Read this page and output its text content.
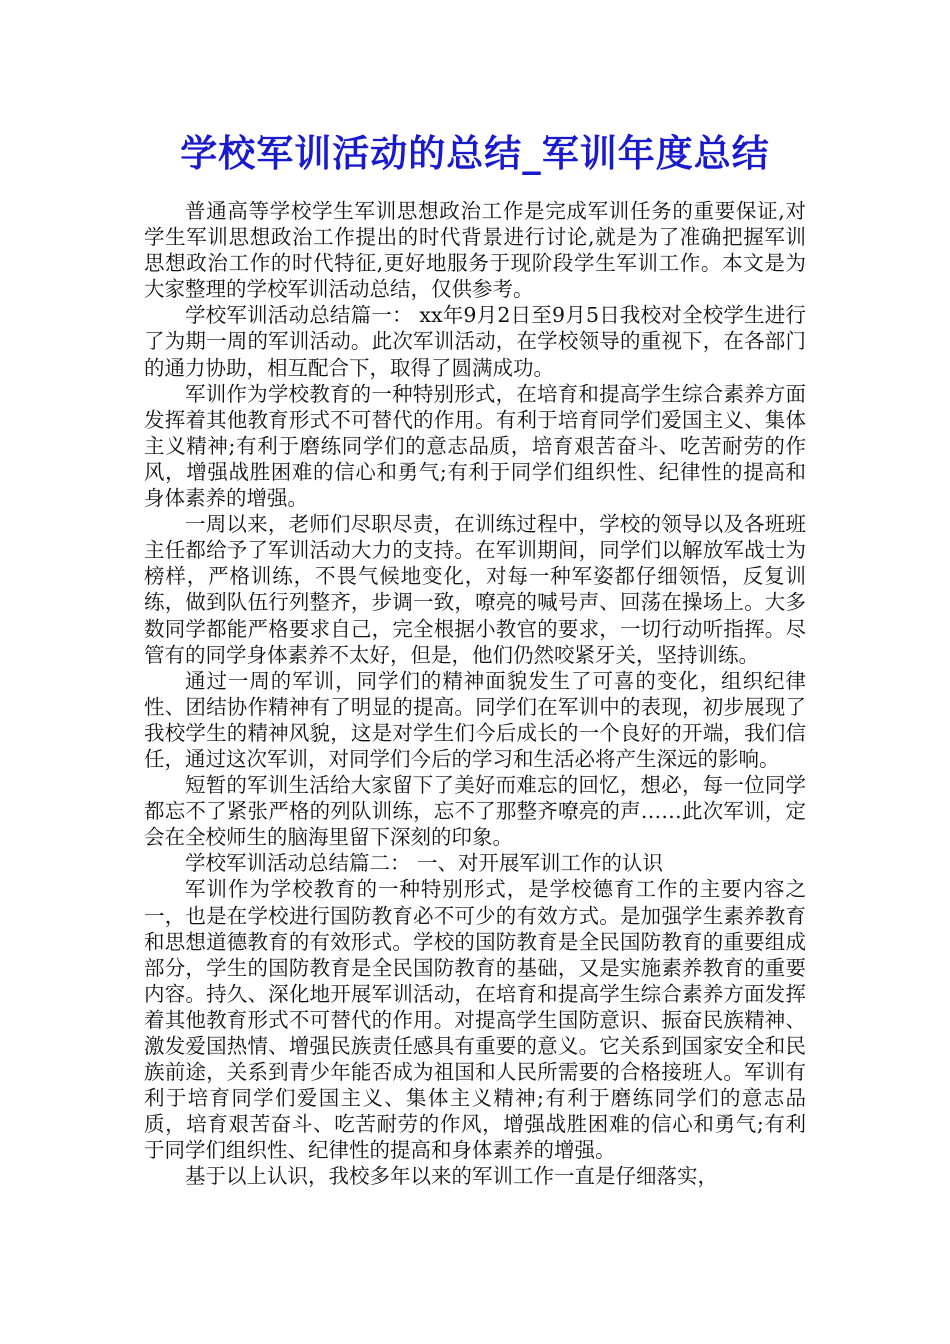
学校军训活动的总结_军训年度总结

普通高等学校学生军训思想政治工作是完成军训任务的重要保证,对学生军训思想政治工作提出的时代背景进行讨论,就是为了准确把握军训思想政治工作的时代特征,更好地服务于现阶段学生军训工作。本文是为大家整理的学校军训活动总结，仅供参考。

学校军训活动总结篇一： xx年9月2日至9月5日我校对全校学生进行了为期一周的军训活动。此次军训活动，在学校领导的重视下，在各部门的通力协助，相互配合下，取得了圆满成功。

军训作为学校教育的一种特别形式，在培育和提高学生综合素养方面发挥着其他教育形式不可替代的作用。有利于培育同学们爱国主义、集体主义精神;有利于磨练同学们的意志品质，培育艰苦奋斗、吃苦耐劳的作风，增强战胜困难的信心和勇气;有利于同学们组织性、纪律性的提高和身体素养的增强。

一周以来，老师们尽职尽责，在训练过程中，学校的领导以及各班班主任都给予了军训活动大力的支持。在军训期间，同学们以解放军战士为榜样，严格训练，不畏气候地变化，对每一种军姿都仔细领悟，反复训练，做到队伍行列整齐，步调一致，嘹亮的喊号声、回荡在操场上。大多数同学都能严格要求自己，完全根据小教官的要求，一切行动听指挥。尽管有的同学身体素养不太好，但是，他们仍然咬紧牙关，坚持训练。

通过一周的军训，同学们的精神面貌发生了可喜的变化，组织纪律性、团结协作精神有了明显的提高。同学们在军训中的表现，初步展现了我校学生的精神风貌，这是对学生们今后成长的一个良好的开端，我们信任，通过这次军训，对同学们今后的学习和生活必将产生深远的影响。

短暂的军训生活给大家留下了美好而难忘的回忆，想必，每一位同学都忘不了紧张严格的列队训练，忘不了那整齐嘹亮的声……此次军训，定会在全校师生的脑海里留下深刻的印象。

学校军训活动总结篇二： 一、对开展军训工作的认识

军训作为学校教育的一种特别形式，是学校德育工作的主要内容之一，也是在学校进行国防教育必不可少的有效方式。是加强学生素养教育和思想道德教育的有效形式。学校的国防教育是全民国防教育的重要组成部分，学生的国防教育是全民国防教育的基础，又是实施素养教育的重要内容。持久、深化地开展军训活动，在培育和提高学生综合素养方面发挥着其他教育形式不可替代的作用。对提高学生国防意识、振奋民族精神、激发爱国热情、增强民族责任感具有重要的意义。它关系到国家安全和民族前途，关系到青少年能否成为祖国和人民所需要的合格接班人。军训有利于培育同学们爱国主义、集体主义精神;有利于磨练同学们的意志品质，培育艰苦奋斗、吃苦耐劳的作风，增强战胜困难的信心和勇气;有利于同学们组织性、纪律性的提高和身体素养的增强。

基于以上认识，我校多年以来的军训工作一直是仔细落实，
